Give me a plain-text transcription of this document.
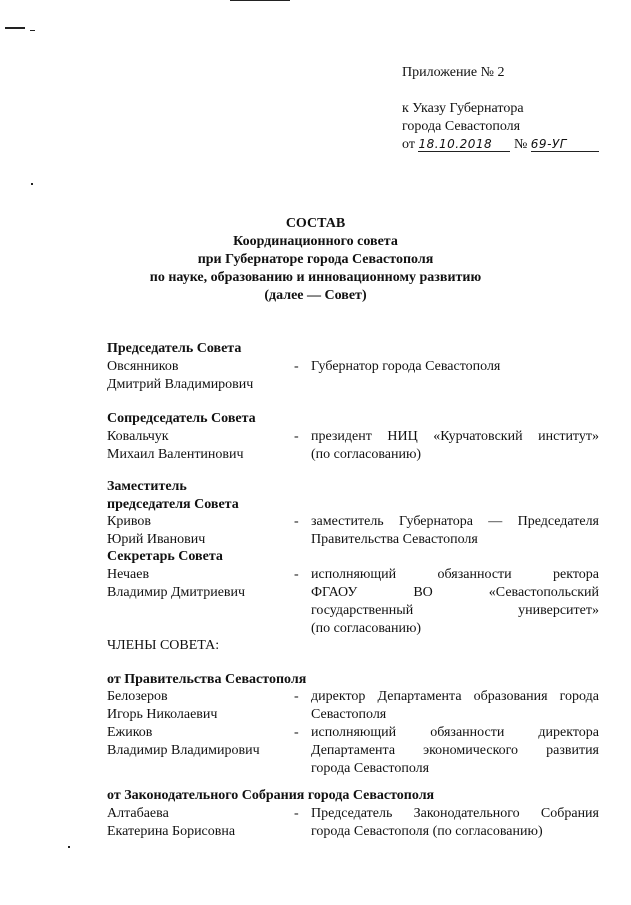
Приложение № 2
к Указу Губернатора
города Севастополя
от 18.10.2018 № 69-УГ
СОСТАВ
Координационного совета
при Губернаторе города Севастополя
по науке, образованию и инновационному развитию
(далее — Совет)
Председатель Совета
Овсянников
Дмитрий Владимирович
- Губернатор города Севастополя
Сопредседатель Совета
Ковальчук
Михаил Валентинович
- президент НИЦ «Курчатовский институт»
(по согласованию)
Заместитель
председателя Совета
Кривов
Юрий Иванович
- заместитель Губернатора — Председателя
Правительства Севастополя
Секретарь Совета
Нечаев
Владимир Дмитриевич
- исполняющий обязанности ректора
ФГАОУ ВО «Севастопольский
государственный университет»
(по согласованию)
ЧЛЕНЫ СОВЕТА:
от Правительства Севастополя
Белозеров
Игорь Николаевич
- директор Департамента образования города
Севастополя
Ежиков
Владимир Владимирович
- исполняющий обязанности директора
Департамента экономического развития
города Севастополя
от Законодательного Собрания города Севастополя
Алтабаева
Екатерина Борисовна
- Председатель Законодательного Собрания
города Севастополя (по согласованию)
